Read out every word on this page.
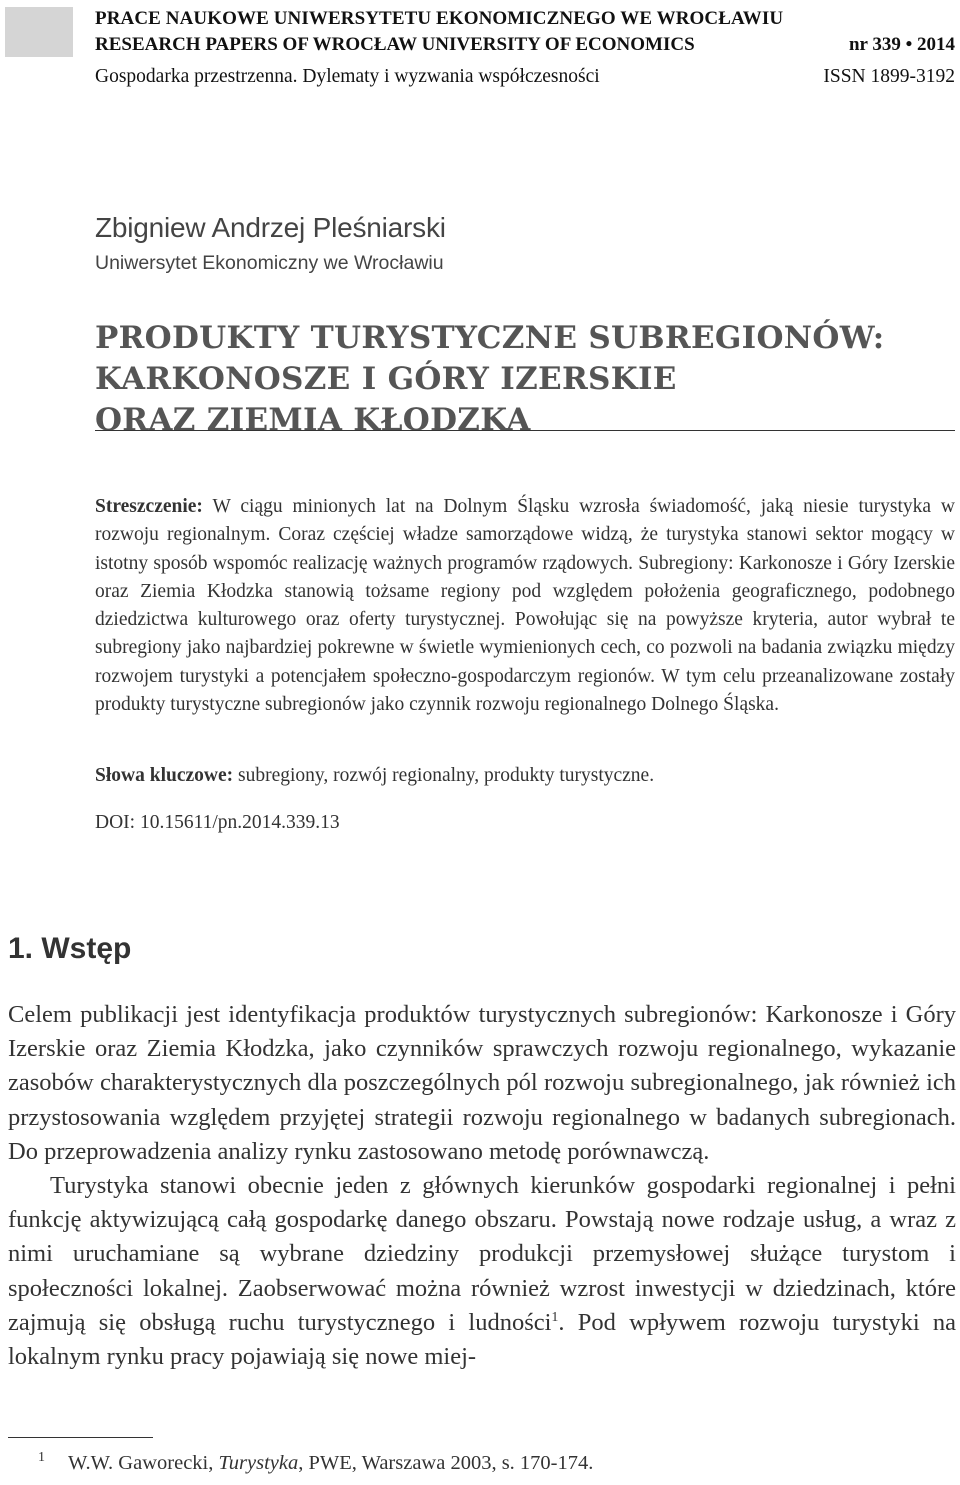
PRACE NAUKOWE UNIWERSYTETU EKONOMICZNEGO WE WROCŁAWIU
RESEARCH PAPERS OF WROCŁAW UNIVERSITY OF ECONOMICS	nr 339 • 2014
Gospodarka przestrzenna. Dylematy i wyzwania współczesności	ISSN 1899-3192
Zbigniew Andrzej Pleśniarski
Uniwersytet Ekonomiczny we Wrocławiu
PRODUKTY TURYSTYCZNE SUBREGIONÓW:
KARKONOSZE I GÓRY IZERSKIE
ORAZ ZIEMIA KŁODZKA
Streszczenie: W ciągu minionych lat na Dolnym Śląsku wzrosła świadomość, jaką niesie turystyka w rozwoju regionalnym. Coraz częściej władze samorządowe widzą, że turystyka stanowi sektor mogący w istotny sposób wspomóc realizację ważnych programów rządowych. Subregiony: Karkonosze i Góry Izerskie oraz Ziemia Kłodzka stanowią tożsame regiony pod względem położenia geograficznego, podobnego dziedzictwa kulturowego oraz oferty turystycznej. Powołując się na powyższe kryteria, autor wybrał te subregiony jako najbardziej pokrewne w świetle wymienionych cech, co pozwoli na badania związku między rozwojem turystyki a potencjałem społeczno-gospodarczym regionów. W tym celu przeanalizowane zostały produkty turystyczne subregionów jako czynnik rozwoju regionalnego Dolnego Śląska.
Słowa kluczowe: subregiony, rozwój regionalny, produkty turystyczne.
DOI: 10.15611/pn.2014.339.13
1. Wstęp

Celem publikacji jest identyfikacja produktów turystycznych subregionów: Karkonosze i Góry Izerskie oraz Ziemia Kłodzka, jako czynników sprawczych rozwoju regionalnego, wykazanie zasobów charakterystycznych dla poszczególnych pól rozwoju subregionalnego, jak również ich przystosowania względem przyjętej strategii rozwoju regionalnego w badanych subregionach. Do przeprowadzenia analizy rynku zastosowano metodę porównawczą.

Turystyka stanowi obecnie jeden z głównych kierunków gospodarki regionalnej i pełni funkcję aktywizującą całą gospodarkę danego obszaru. Powstają nowe rodzaje usług, a wraz z nimi uruchamiane są wybrane dziedziny produkcji przemysłowej służące turystom i społeczności lokalnej. Zaobserwować można również wzrost inwestycji w dziedzinach, które zajmują się obsługą ruchu turystycznego i ludności$^1$. Pod wpływem rozwoju turystyki na lokalnym rynku pracy pojawiają się nowe miej-

1 W.W. Gaworecki, Turystyka, PWE, Warszawa 2003, s. 170-174.
